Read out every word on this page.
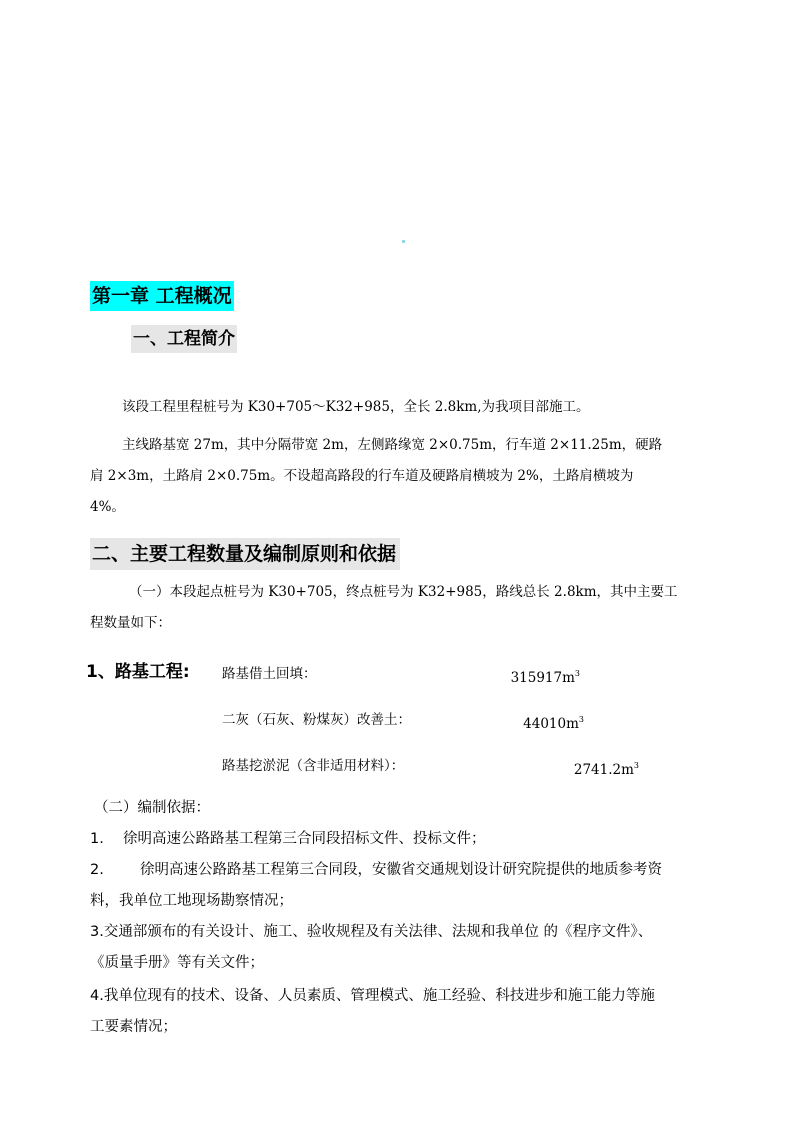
第一章 工程概况
一、工程简介
该段工程里程桩号为 K30+705～K32+985，全长 2.8km,为我项目部施工。
主线路基宽 27m，其中分隔带宽 2m，左侧路缘宽 2×0.75m，行车道 2×11.25m，硬路
肩 2×3m，土路肩 2×0.75m。不设超高路段的行车道及硬路肩横坡为 2%，土路肩横坡为
4%。
二、主要工程数量及编制原则和依据
（一）本段起点桩号为 K30+705，终点桩号为 K32+985，路线总长 2.8km，其中主要工
程数量如下：
1、路基工程: 路基借土回填：	$315917m^3$
二灰（石灰、粉煤灰）改善土：	$44010m^3$
路基挖淤泥（含非适用材料）：	$2741.2m^3$
（二）编制依据：
1. 徐明高速公路路基工程第三合同段招标文件、投标文件；
2. 徐明高速公路路基工程第三合同段，安徽省交通规划设计研究院提供的地质参考资
料，我单位工地现场勘察情况；
3.交通部颁布的有关设计、施工、验收规程及有关法律、法规和我单位 的《程序文件》、
《质量手册》等有关文件；
4.我单位现有的技术、设备、人员素质、管理模式、施工经验、科技进步和施工能力等施
工要素情况；
